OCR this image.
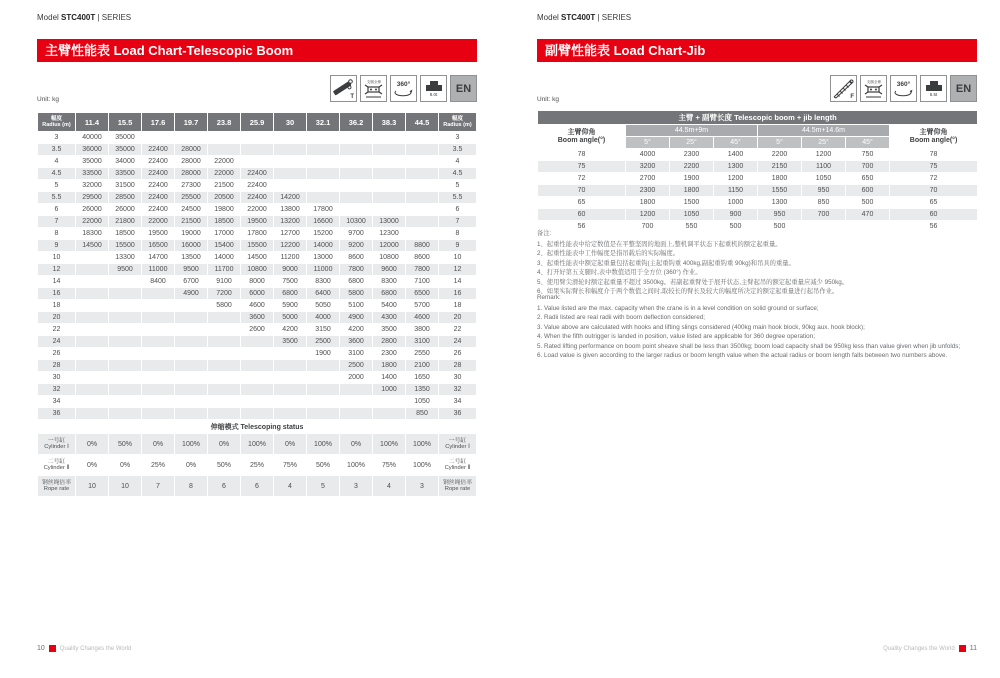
Model STC400T | SERIES
主臂性能表 Load Chart-Telescopic Boom
Unit: kg	T
支腿全伸 360°
8.0t	EN
幅度
Radius (m)	11.4	15.5	17.6	19.7	23.8	25.9	30	32.1	36.2	38.3	44.5	幅度
Radius (m)

3	40000	35000										3
3.5	36000	35000	22400	28000								3.5
4	35000	34000	22400	28000	22000							4
4.5	33500	33500	22400	28000	22000	22400						4.5
5	32000	31500	22400	27300	21500	22400						5
5.5	29500	28500	22400	25500	20500	22400	14200					5.5
6	26000	26000	22400	24500	19800	22000	13800	17800				6
7	22000	21800	22000	21500	18500	19500	13200	16600	10300	13000		7
8	18300	18500	19500	19000	17000	17800	12700	15200	9700	12300		8
9	14500	15500	16500	16000	15400	15500	12200	14000	9200	12000	8800	9
10		13300	14700	13500	14000	14500	11200	13000	8600	10800	8600	10
12		9500	11000	9500	11700	10800	9000	11000	7800	9600	7800	12
14			8400	6700	9100	8000	7500	8300	6800	8300	7100	14
16				4900	7200	6000	6800	6400	5800	6800	6500	16
18					5800	4600	5900	5050	5100	5400	5700	18
20						3600	5000	4000	4900	4300	4600	20
22						2600	4200	3150	4200	3500	3800	22
24							3500	2500	3600	2800	3100	24
26								1900	3100	2300	2550	26
28									2500	1800	2100	28
30									2000	1400	1650	30
32										1000	1350	32
34											1050	34
36											850	36
伸缩模式 Telescoping status												

一号缸
Cylinder Ⅰ	0%	50%	0%	100%	0%	100%	0%	100%	0%	100%	100%	一号缸
Cylinder Ⅰ

二号缸
Cylinder Ⅱ	0%	0%	25%	0%	50%	25%	75%	50%	100%	75%	100%	二号缸
Cylinder Ⅱ

钢丝绳倍率
Rope rate	10	10	7	8	6	6	4	5	3	4	3	钢丝绳倍率
Rope rate
10	Quality Changes the World
Model STC400T | SERIES
副臂性能表 Load Chart-Jib
Unit: kg	F
支腿全伸 360°
5.5t	EN
主臂 + 副臂长度 Telescopic boom + jib length							

主臂仰角
Boom angle(°)
	44.5m+9m	44.5m+14.6m	主臂仰角
Boom angle(°)

	5°	25°	45°	5°	25°	45°	
78	4000	2300	1400	2200	1200	750	78
75	3200	2200	1300	2150	1100	700	75
72	2700	1900	1200	1800	1050	650	72
70	2300	1800	1150	1550	950	600	70
65	1800	1500	1000	1300	850	500	65
60	1200	1050	900	950	700	470	60
56	700	550	500	500			56
备注:
1、起重性能表中给定数值是在平整坚固的地面上,整机调平状态下起重机的额定起重量。
2、起重性能表中工作幅度是指吊载后的实际幅度。
3、起重性能表中额定起重量包括起重钩(主起重钩重 400kg,副起重钩重 90kg)和吊具的重量。
4、打开好第五支腿时,表中数值适用于全方位 (360°) 作业。
5、使用臂尖滑轮时额定起重量不超过 3500kg。若副起重臂处于展开状态,主臂起吊的额定起重量应减少 950kg。
6、如果实际臂长和幅度介于两个数值之间时,取较长的臂长及较大的幅度所决定的额定起重量进行起吊作业。
Remark:
1. Value listed are the max. capacity when the crane is in a level condition on solid ground or surface;
2. Radii listed are real radii with boom deflection considered;
3. Value above are calculated with hooks and lifting slings considered (400kg main hook block, 90kg aux. hook block);
4. When the fifth outrigger is landed in position, value listed are applicable for 360 degree operation;
5. Rated lifting performance on boom point sheave shall be less than 3500kg; boom load capacity shall be 950kg less than value given when jib unfolds;
6. Load value is given according to the larger radius or boom length value when the actual radius or boom length falls between two numbers above.
Quality Changes the World 11
